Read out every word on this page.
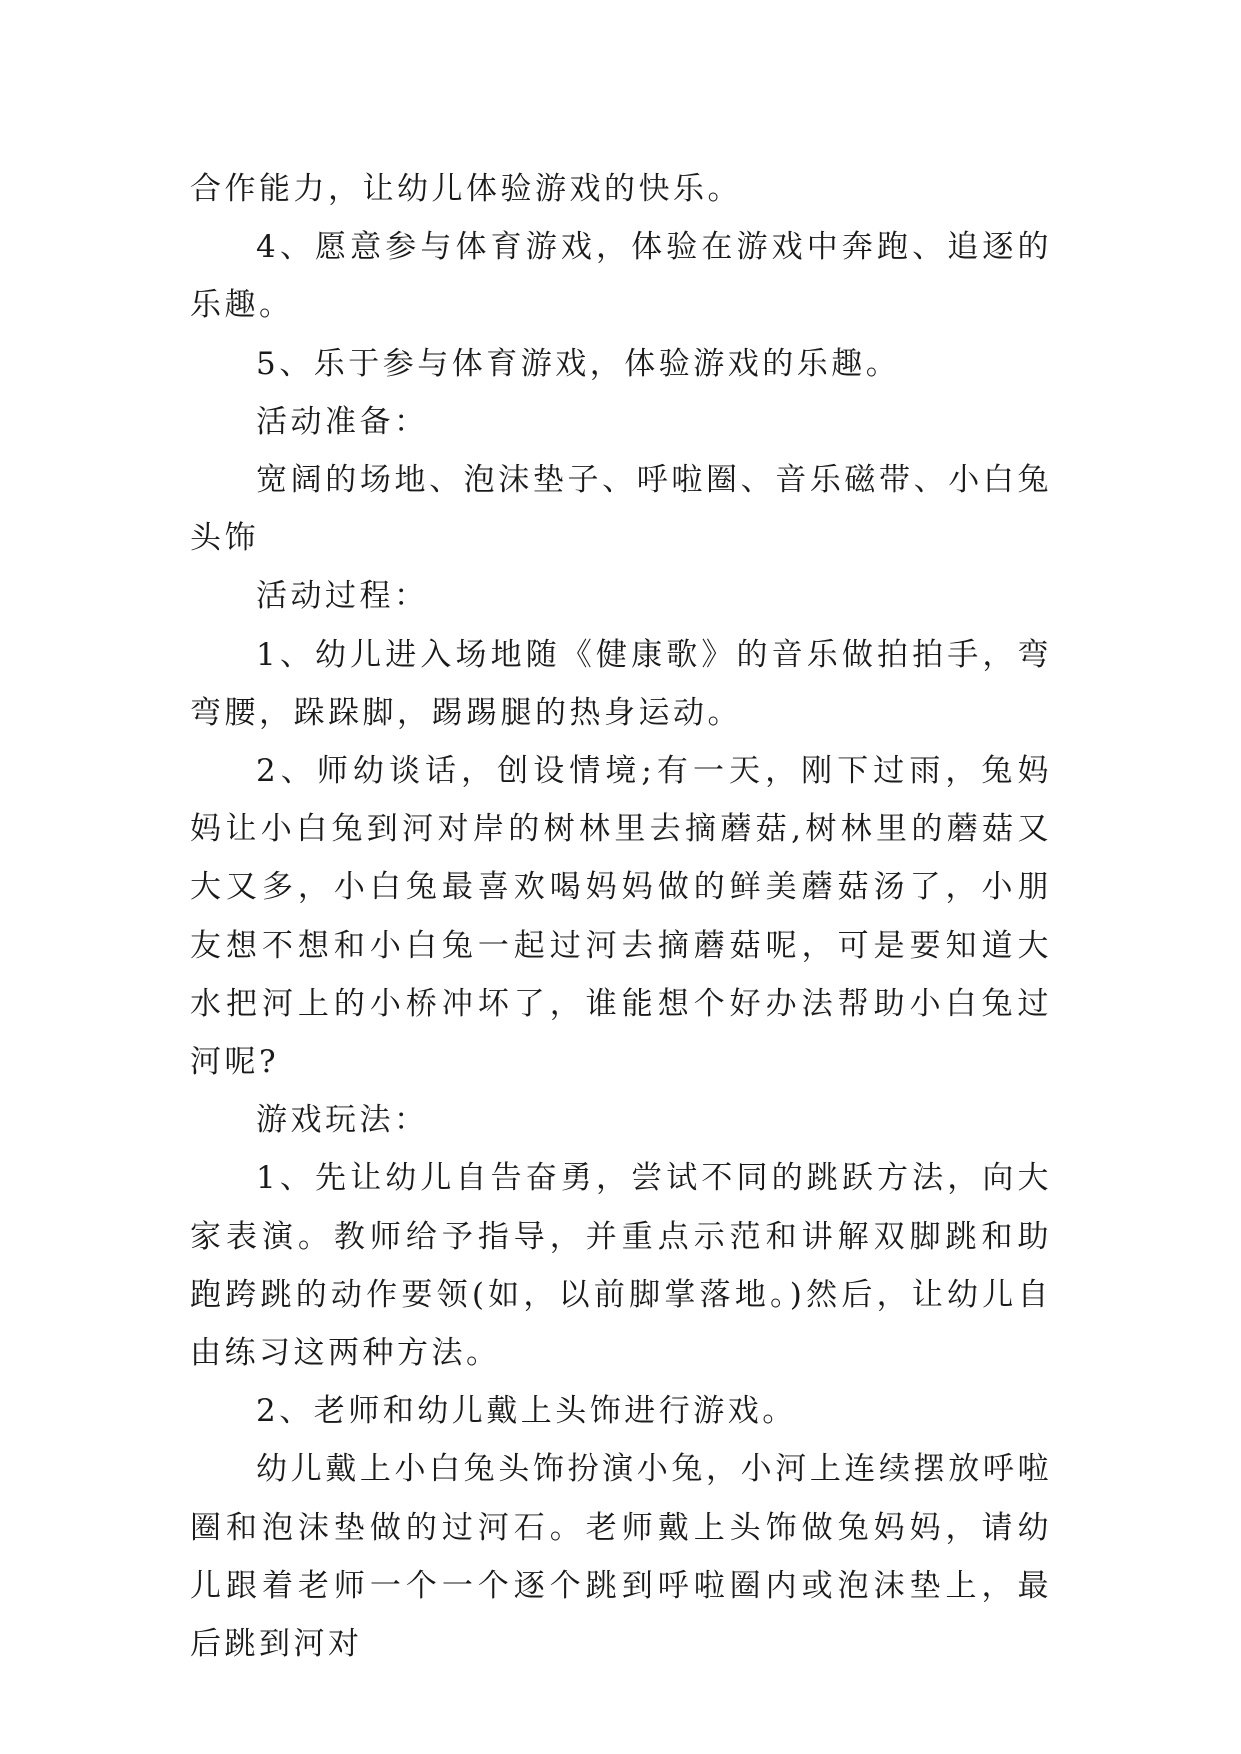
合作能力，让幼儿体验游戏的快乐。

4、愿意参与体育游戏，体验在游戏中奔跑、追逐的乐趣。

5、乐于参与体育游戏，体验游戏的乐趣。

活动准备：

宽阔的场地、泡沫垫子、呼啦圈、音乐磁带、小白兔头饰

活动过程：

1、幼儿进入场地随《健康歌》的音乐做拍拍手，弯弯腰，跺跺脚，踢踢腿的热身运动。

2、师幼谈话，创设情境;有一天，刚下过雨，兔妈妈让小白兔到河对岸的树林里去摘蘑菇,树林里的蘑菇又大又多，小白兔最喜欢喝妈妈做的鲜美蘑菇汤了，小朋友想不想和小白兔一起过河去摘蘑菇呢，可是要知道大水把河上的小桥冲坏了，谁能想个好办法帮助小白兔过河呢?

游戏玩法：

1、先让幼儿自告奋勇，尝试不同的跳跃方法，向大家表演。教师给予指导，并重点示范和讲解双脚跳和助跑跨跳的动作要领(如，以前脚掌落地。)然后，让幼儿自由练习这两种方法。

2、老师和幼儿戴上头饰进行游戏。

幼儿戴上小白兔头饰扮演小兔，小河上连续摆放呼啦圈和泡沫垫做的过河石。老师戴上头饰做兔妈妈，请幼儿跟着老师一个一个逐个跳到呼啦圈内或泡沫垫上，最后跳到河对
